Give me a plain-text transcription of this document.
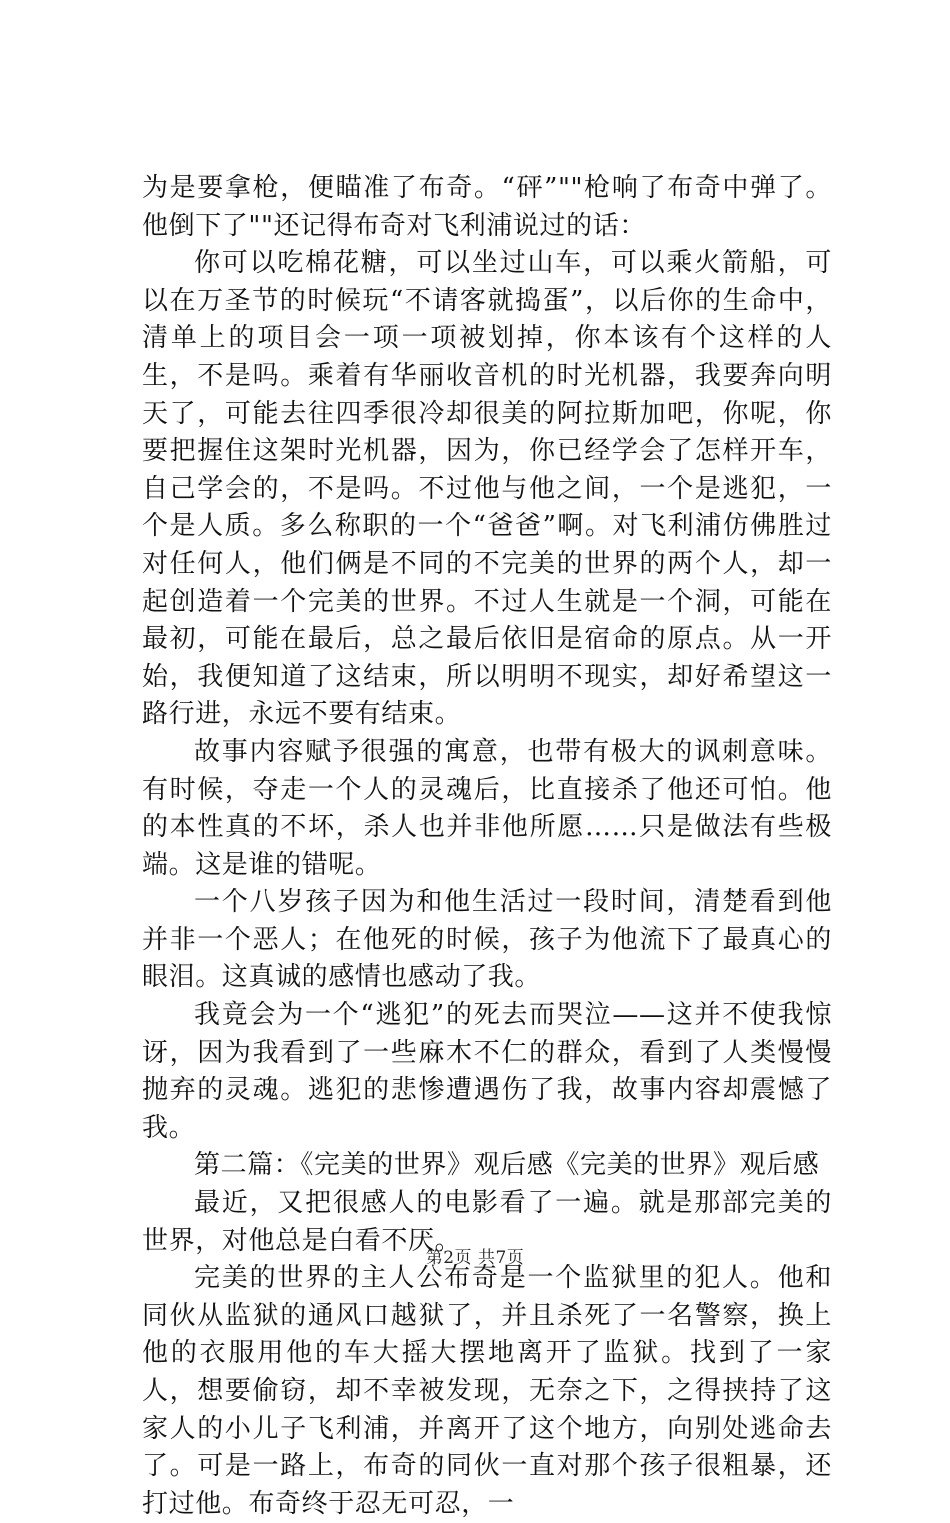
为是要拿枪，便瞄准了布奇。“砰”""枪响了布奇中弹了。他倒下了""还记得布奇对飞利浦说过的话：

你可以吃棉花糖，可以坐过山车，可以乘火箭船，可以在万圣节的时候玩“不请客就捣蛋”，以后你的生命中，清单上的项目会一项一项被划掉，你本该有个这样的人生，不是吗。乘着有华丽收音机的时光机器，我要奔向明天了，可能去往四季很冷却很美的阿拉斯加吧，你呢，你要把握住这架时光机器，因为，你已经学会了怎样开车，自己学会的，不是吗。不过他与他之间，一个是逃犯，一个是人质。多么称职的一个“爸爸”啊。对飞利浦仿佛胜过对任何人，他们俩是不同的不完美的世界的两个人，却一起创造着一个完美的世界。不过人生就是一个洞，可能在最初，可能在最后，总之最后依旧是宿命的原点。从一开始，我便知道了这结束，所以明明不现实，却好希望这一路行进，永远不要有结束。

故事内容赋予很强的寓意，也带有极大的讽刺意味。有时候，夺走一个人的灵魂后，比直接杀了他还可怕。他的本性真的不坏，杀人也并非他所愿……只是做法有些极端。这是谁的错呢。

一个八岁孩子因为和他生活过一段时间，清楚看到他并非一个恶人；在他死的时候，孩子为他流下了最真心的眼泪。这真诚的感情也感动了我。

我竟会为一个“逃犯”的死去而哭泣——这并不使我惊讶，因为我看到了一些麻木不仁的群众，看到了人类慢慢抛弃的灵魂。逃犯的悲惨遭遇伤了我，故事内容却震憾了我。

第二篇：《完美的世界》观后感《完美的世界》观后感

最近，又把很感人的电影看了一遍。就是那部完美的世界，对他总是白看不厌。

完美的世界的主人公布奇是一个监狱里的犯人。他和同伙从监狱的通风口越狱了，并且杀死了一名警察，换上他的衣服用他的车大摇大摆地离开了监狱。找到了一家人，想要偷窃，却不幸被发现，无奈之下，之得挟持了这家人的小儿子飞利浦，并离开了这个地方，向别处逃命去了。可是一路上，布奇的同伙一直对那个孩子很粗暴，还打过他。布奇终于忍无可忍，一

第2页 共7页
